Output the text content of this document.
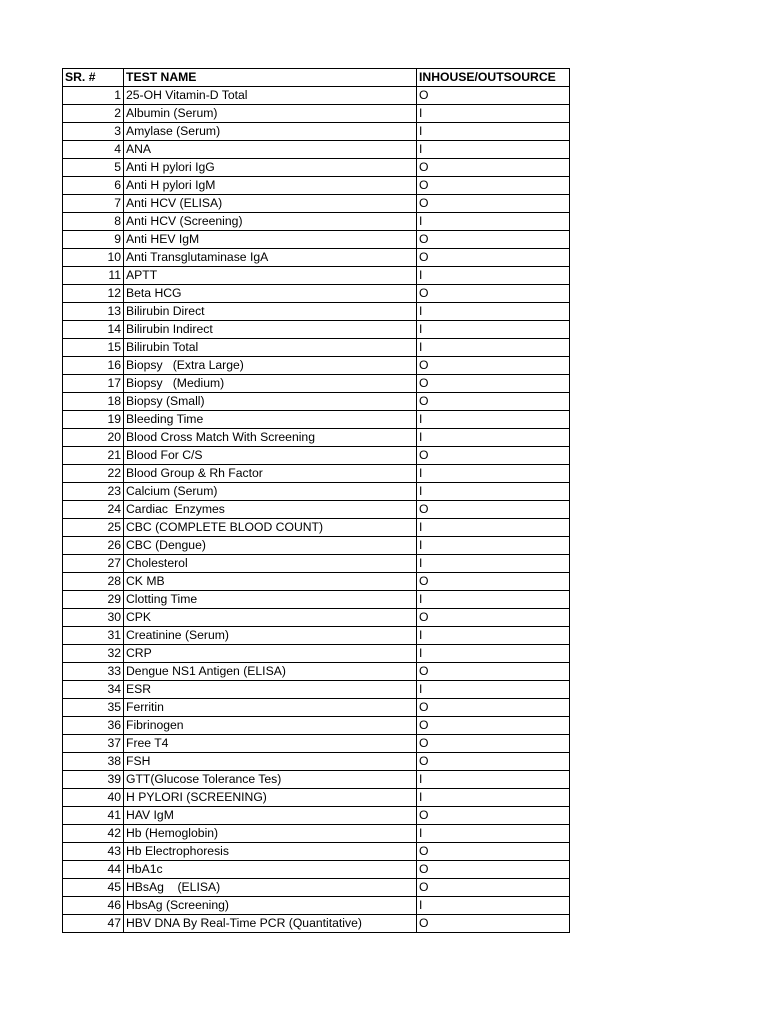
SR. #	TEST NAME	INHOUSE/OUTSOURCE
1	25-OH Vitamin-D Total	O
2	Albumin (Serum)	I
3	Amylase (Serum)	I
4	ANA	I
5	Anti H pylori IgG	O
6	Anti H pylori IgM	O
7	Anti HCV (ELISA)	O
8	Anti HCV (Screening)	I
9	Anti HEV IgM	O
10	Anti Transglutaminase IgA	O
11	APTT	I
12	Beta HCG	O
13	Bilirubin Direct	I
14	Bilirubin Indirect	I
15	Bilirubin Total	I
16	Biopsy   (Extra Large)	O
17	Biopsy   (Medium)	O
18	Biopsy (Small)	O
19	Bleeding Time	I
20	Blood Cross Match With Screening	I
21	Blood For C/S	O
22	Blood Group & Rh Factor	I
23	Calcium (Serum)	I
24	Cardiac  Enzymes	O
25	CBC (COMPLETE BLOOD COUNT)	I
26	CBC (Dengue)	I
27	Cholesterol	I
28	CK MB	O
29	Clotting Time	I
30	CPK	O
31	Creatinine (Serum)	I
32	CRP	I
33	Dengue NS1 Antigen (ELISA)	O
34	ESR	I
35	Ferritin	O
36	Fibrinogen	O
37	Free T4	O
38	FSH	O
39	GTT(Glucose Tolerance Tes)	I
40	H PYLORI (SCREENING)	I
41	HAV IgM	O
42	Hb (Hemoglobin)	I
43	Hb Electrophoresis	O
44	HbA1c	O
45	HBsAg    (ELISA)	O
46	HbsAg (Screening)	I
47	HBV DNA By Real-Time PCR (Quantitative)	O
